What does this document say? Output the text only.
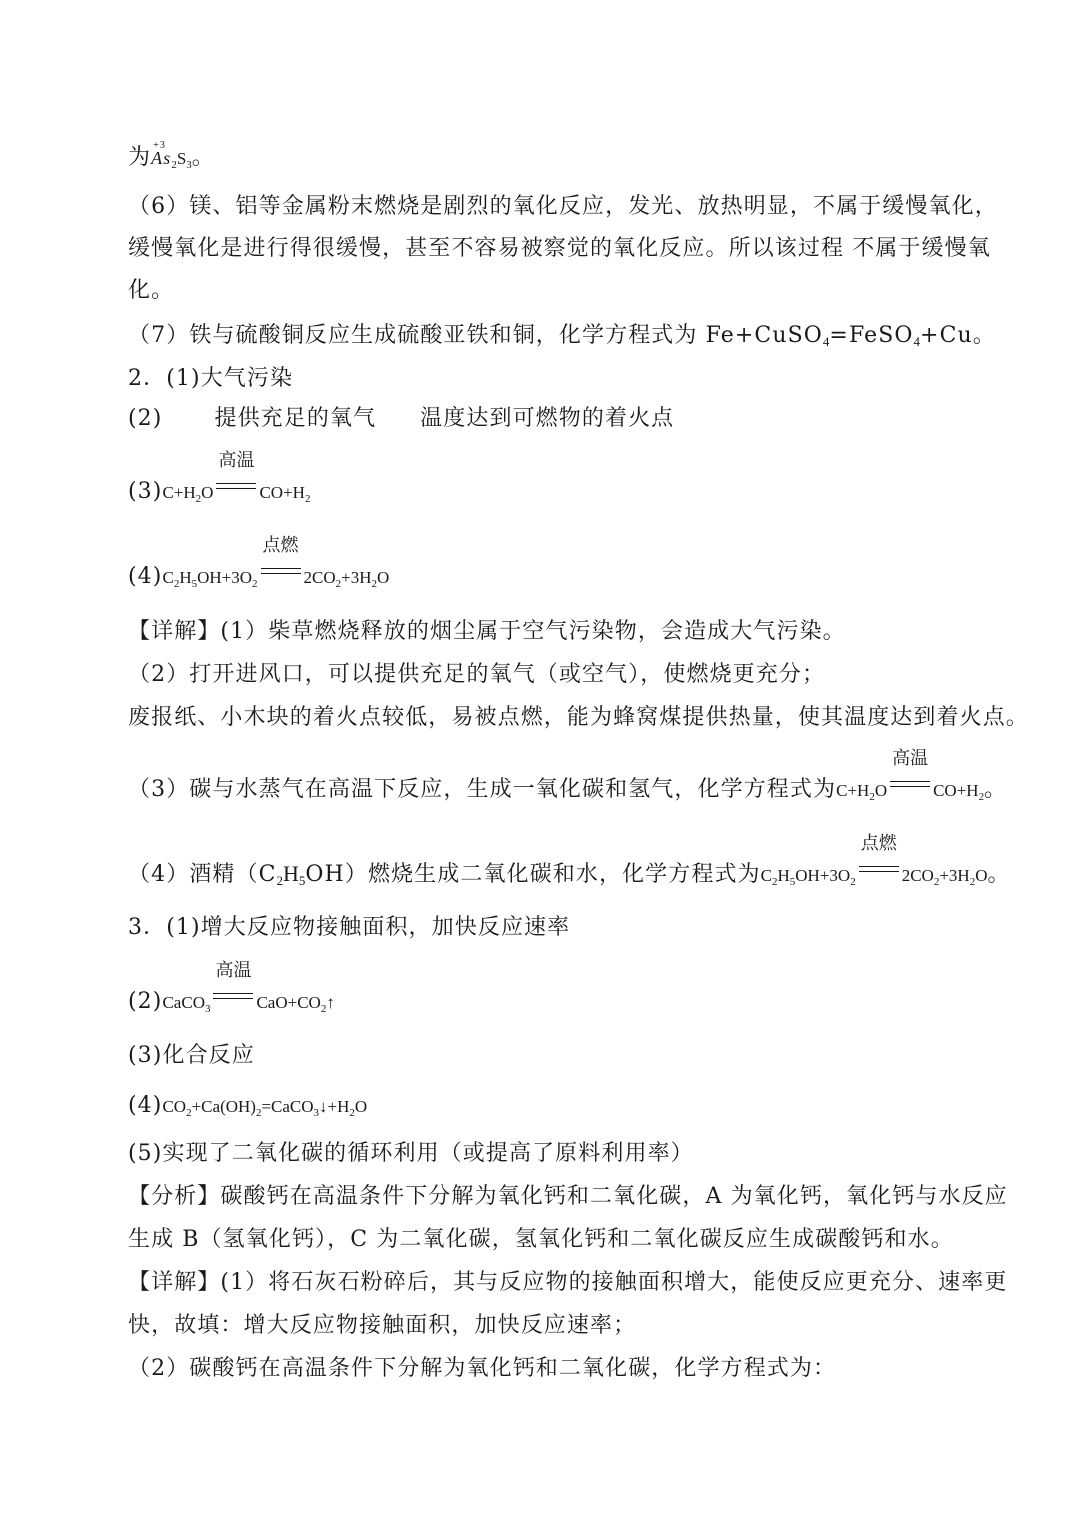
为 +3
$As_2S_3$。
（6）镁、铝等金属粉末燃烧是剧烈的氧化反应，发光、放热明显，不属于缓慢氧化，
缓慢氧化是进行得很缓慢，甚至不容易被察觉的氧化反应。所以该过程 不属于缓慢氧
化。
（7）铁与硫酸铜反应生成硫酸亚铁和铜，化学方程式为 Fe+CuSO$_4$=FeSO$_4$+Cu。
2．(1)大气污染
(2) 提供充足的氧气 温度达到可燃物的着火点
$(3)C+H_2O$
高温
$CO+H_2$
$(4)C_2H_5OH+3O_2$
点燃
$2CO_2+3H_2O$
【详解】(1）柴草燃烧释放的烟尘属于空气污染物，会造成大气污染。
（2）打开进风口，可以提供充足的氧气（或空气），使燃烧更充分；
废报纸、小木块的着火点较低，易被点燃，能为蜂窝煤提供热量，使其温度达到着火点。
（3）碳与水蒸气在高温下反应，生成一氧化碳和氢气，化学方程式为$C+H_2O$
高温
$CO+H_2$。
（4）酒精$(C_2H_5OH)$燃烧生成二氧化碳和水，化学方程式为$C_2H_5OH+3O_2$
点燃
$2CO_2+3H_2O$。
3．(1)增大反应物接触面积，加快反应速率
(2)CaCO$_3$
高温
$CaO+CO_2↑$
(3)化合反应
$(4)CO_2+Ca(OH)_2=CaCO_3↓+H_2O$
(5)实现了二氧化碳的循环利用（或提高了原料利用率）
【分析】碳酸钙在高温条件下分解为氧化钙和二氧化碳，A 为氧化钙，氧化钙与水反应
生成 B（氢氧化钙），C 为二氧化碳，氢氧化钙和二氧化碳反应生成碳酸钙和水。
【详解】(1）将石灰石粉碎后，其与反应物的接触面积增大，能使反应更充分、速率更
快，故填：增大反应物接触面积，加快反应速率；
（2）碳酸钙在高温条件下分解为氧化钙和二氧化碳，化学方程式为：
